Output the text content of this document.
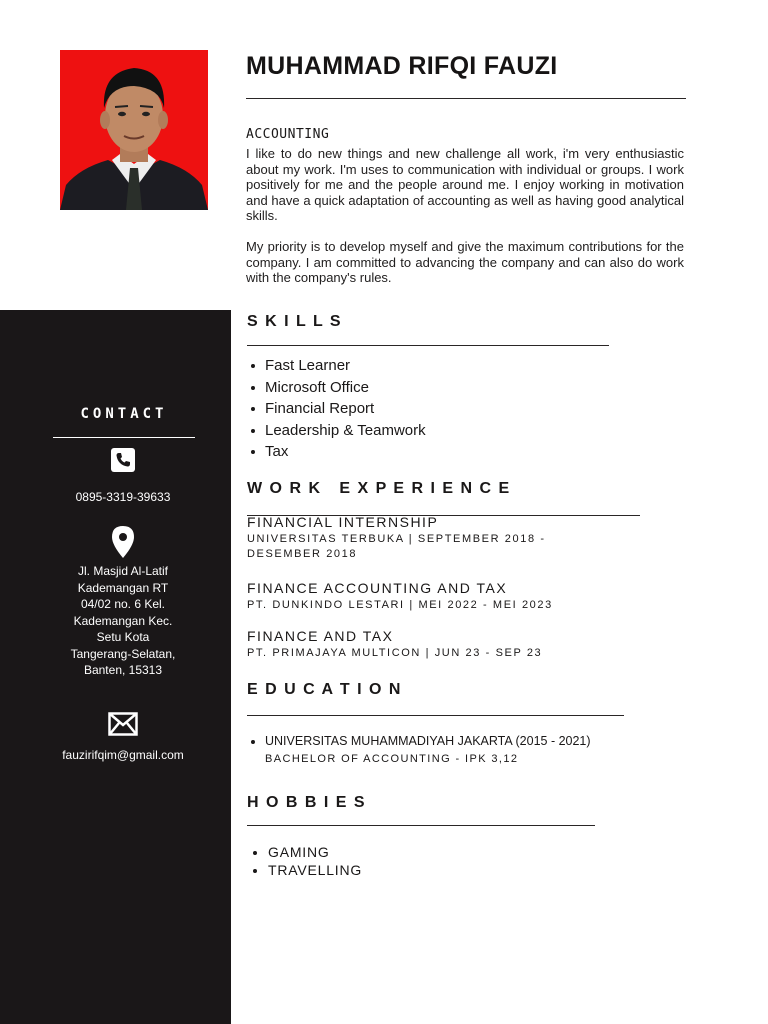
MUHAMMAD RIFQI FAUZI
ACCOUNTING

I like to do new things and new challenge all work, i'm very enthusiastic about my work. I'm uses to communication with individual or groups. I work positively for me and the people around me. I enjoy working in motivation and have a quick adaptation of accounting as well as having good analytical skills.

My priority is to develop myself and give the maximum contributions for the company. I am committed to advancing the company and can also do work with the company's rules.

CONTACT
0895-3319-39633
Jl. Masjid Al-Latif
Kademangan RT
04/02 no. 6 Kel.
Kademangan Kec.
Setu Kota
Tangerang-Selatan,
Banten, 15313
fauzirifqim@gmail.com
S K I L L S
Fast Learner
Microsoft Office
Financial Report
Leadership & Teamwork
Tax
W O R K   E X P E R I E N C E
FINANCIAL INTERNSHIP
UNIVERSITAS TERBUKA | SEPTEMBER 2018 - DESEMBER 2018
FINANCE ACCOUNTING AND TAX
PT. DUNKINDO LESTARI | MEI 2022 - MEI 2023
FINANCE AND TAX
PT. PRIMAJAYA MULTICON | JUN 23 - SEP 23
E D U C A T I O N
UNIVERSITAS MUHAMMADIYAH JAKARTA (2015 - 2021)
BACHELOR OF ACCOUNTING - IPK 3,12
H O B B I E S
GAMING
TRAVELLING
